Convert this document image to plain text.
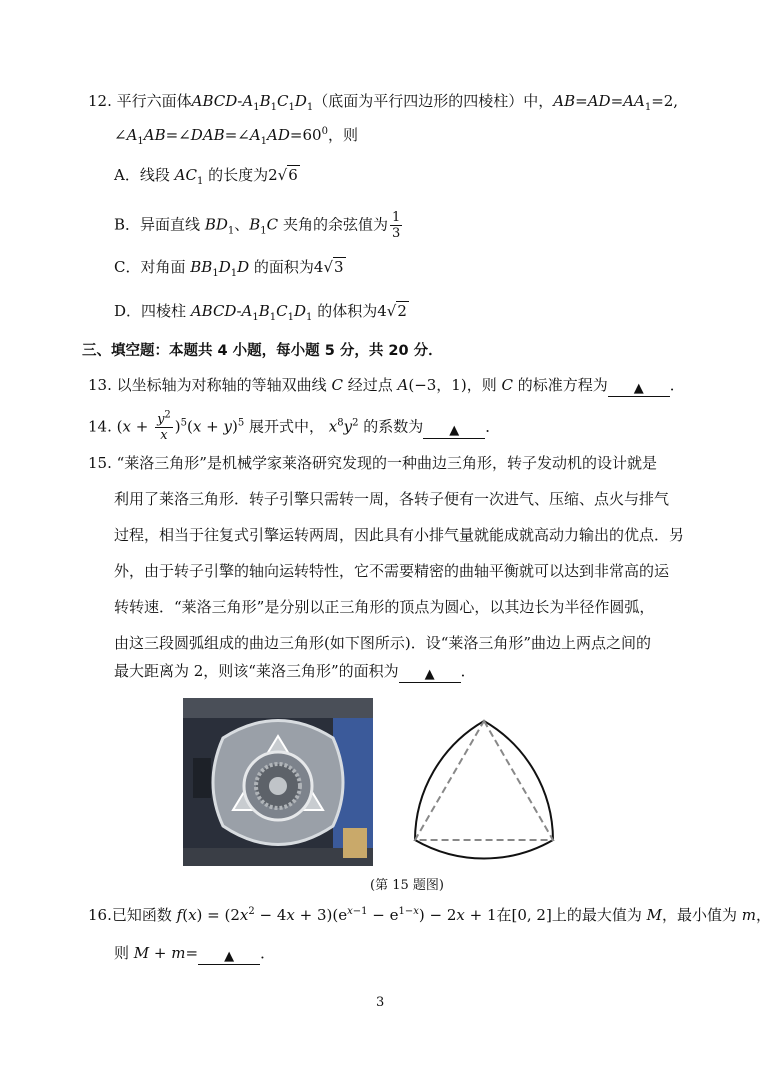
12. 平行六面体ABCD-$A_1B_1C_1D_1$（底面为平行四边形的四棱柱）中，$AB=AD=AA_1=2$,
$\angle A_1AB=\angle DAB=\angle A_1AD=60^0$，则
A．线段 $AC_1$ 的长度为2√6
B．异面直线 $BD_1$、$B_1C$ 夹角的余弦值为 $\frac{1}{3}$
C．对角面 $BB_1D_1D$ 的面积为4√3
D．四棱柱 ABCD-$A_1B_1C_1D_1$ 的体积为4√2
三、填空题：本题共 4 小题，每小题 5 分，共 20 分．
13. 以坐标轴为对称轴的等轴双曲线 C 经过点 A(−3，1)，则 C 的标准方程为 ▲ ．
14. $(x + \frac{y^2}{x} )^5(x + y)^5$ 展开式中， $x^8y^2$ 的系数为 ▲ ．
15. “莱洛三角形”是机械学家莱洛研究发现的一种曲边三角形，转子发动机的设计就是
利用了莱洛三角形．转子引擎只需转一周，各转子便有一次进气、压缩、点火与排气
过程，相当于往复式引擎运转两周，因此具有小排气量就能成就高动力输出的优点．另
外，由于转子引擎的轴向运转特性，它不需要精密的曲轴平衡就可以达到非常高的运
转转速．“莱洛三角形”是分别以正三角形的顶点为圆心，以其边长为半径作圆弧，
由这三段圆弧组成的曲边三角形(如下图所示)．设“莱洛三角形”曲边上两点之间的
最大距离为 2，则该“莱洛三角形”的面积为 ▲ ．
(第 15 题图)
16.已知函数 $f(x) = (2x^2 - 4x + 3)(e^{x-1} - e^{1-x}) - 2x + 1$在[0, 2]上的最大值为 M，最小值为 m，
则 M + m= ▲ ．
3
